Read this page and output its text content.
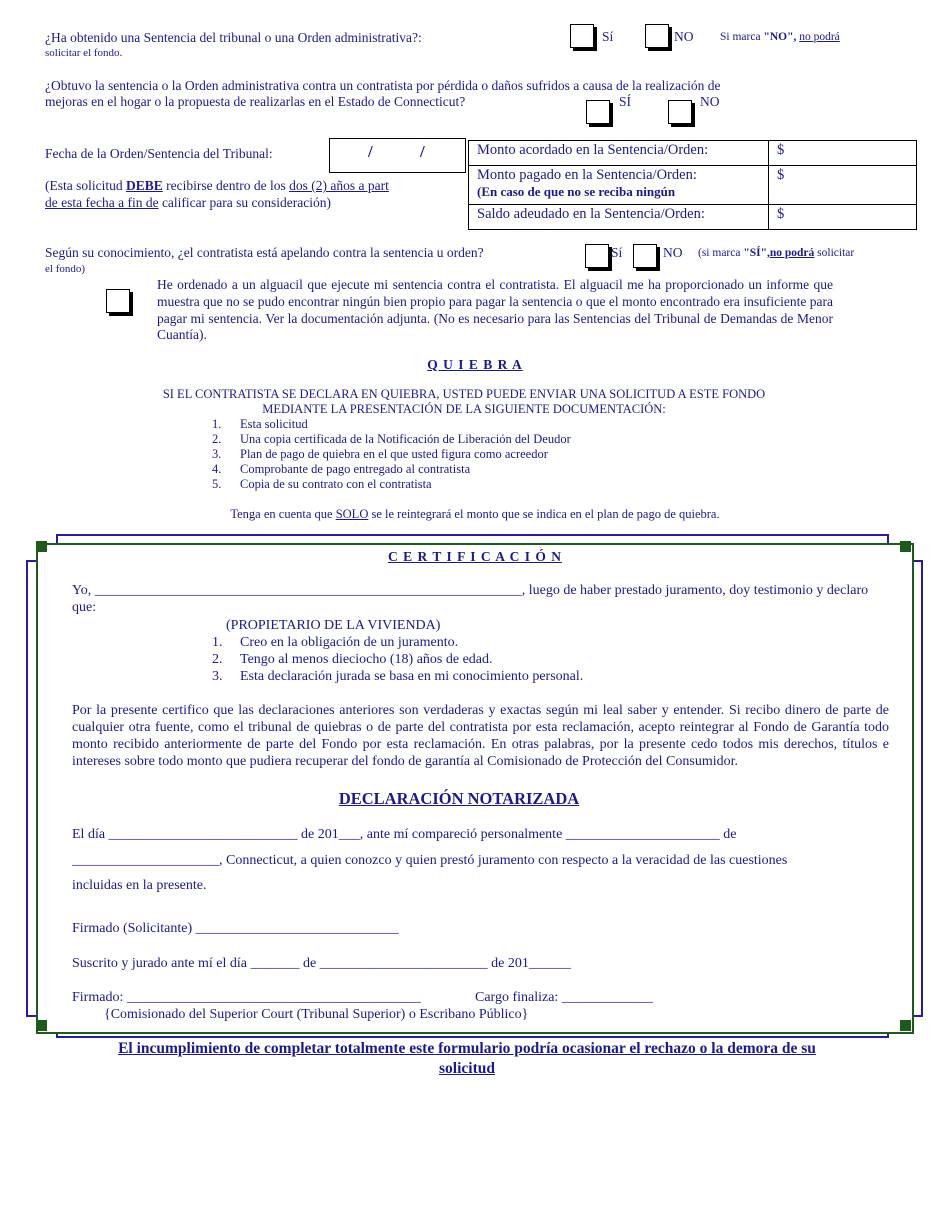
¿Ha obtenido una Sentencia del tribunal o una Orden administrativa?:
solicitar el fondo.
Sí	NO Si marca "NO", no podrá
¿Obtuvo la sentencia o la Orden administrativa contra un contratista por pérdida o daños sufridos a causa de la realización de
mejoras en el hogar o la propuesta de realizarlas en el Estado de Connecticut?	SÍ	NO
Fecha de la Orden/Sentencia del Tribunal:	/	/
(Esta solicitud DEBE recibirse dentro de los dos (2) años a part
de esta fecha a fin de calificar para su consideración)
Monto acordado en la Sentencia/Orden:	$
Monto pagado en la Sentencia/Orden:
(En caso de que no se reciba ningún	$
Saldo adeudado en la Sentencia/Orden:	$
Según su conocimiento, ¿el contratista está apelando contra la sentencia u orden?	Sí	NO (si marca "SÍ",no podrá solicitar
el fondo)
He ordenado a un alguacil que ejecute mi sentencia contra el contratista. El alguacil me ha proporcionado un informe que muestra que no se pudo encontrar ningún bien propio para pagar la sentencia o que el monto encontrado era insuficiente para pagar mi sentencia. Ver la documentación adjunta. (No es necesario para las Sentencias del Tribunal de Demandas de Menor Cuantía).
Q U I E B R A
SI EL CONTRATISTA SE DECLARA EN QUIEBRA, USTED PUEDE ENVIAR UNA SOLICITUD A ESTE FONDO
MEDIANTE LA PRESENTACIÓN DE LA SIGUIENTE DOCUMENTACIÓN:
1. Esta solicitud
2. Una copia certificada de la Notificación de Liberación del Deudor
3. Plan de pago de quiebra en el que usted figura como acreedor
4. Comprobante de pago entregado al contratista
5. Copia de su contrato con el contratista
Tenga en cuenta que SOLO se le reintegrará el monto que se indica en el plan de pago de quiebra.
C E R T I F I C A C I Ó N
Yo, _____________________________________________________________, luego de haber prestado juramento, doy testimonio y declaro
que:
(PROPIETARIO DE LA VIVIENDA)
1. Creo en la obligación de un juramento.
2. Tengo al menos dieciocho (18) años de edad.
3. Esta declaración jurada se basa en mi conocimiento personal.
Por la presente certifico que las declaraciones anteriores son verdaderas y exactas según mi leal saber y entender. Si recibo dinero de parte de cualquier otra fuente, como el tribunal de quiebras o de parte del contratista por esta reclamación, acepto reintegrar al Fondo de Garantía todo monto recibido anteriormente de parte del Fondo por esta reclamación. En otras palabras, por la presente cedo todos mis derechos, títulos e intereses sobre todo monto que pudiera recuperar del fondo de garantía al Comisionado de Protección del Consumidor.
DECLARACIÓN NOTARIZADA
El día ___________________________ de 201___, ante mí compareció personalmente ______________________ de
_____________________, Connecticut, a quien conozco y quien prestó juramento con respecto a la veracidad de las cuestiones
incluidas en la presente.
Firmado (Solicitante) _____________________________
Suscrito y jurado ante mí el día _______ de ________________________ de 201______
Firmado: __________________________________________	Cargo finaliza: _____________
{Comisionado del Superior Court (Tribunal Superior) o Escribano Público}
El incumplimiento de completar totalmente este formulario podría ocasionar el rechazo o la demora de su
solicitud
